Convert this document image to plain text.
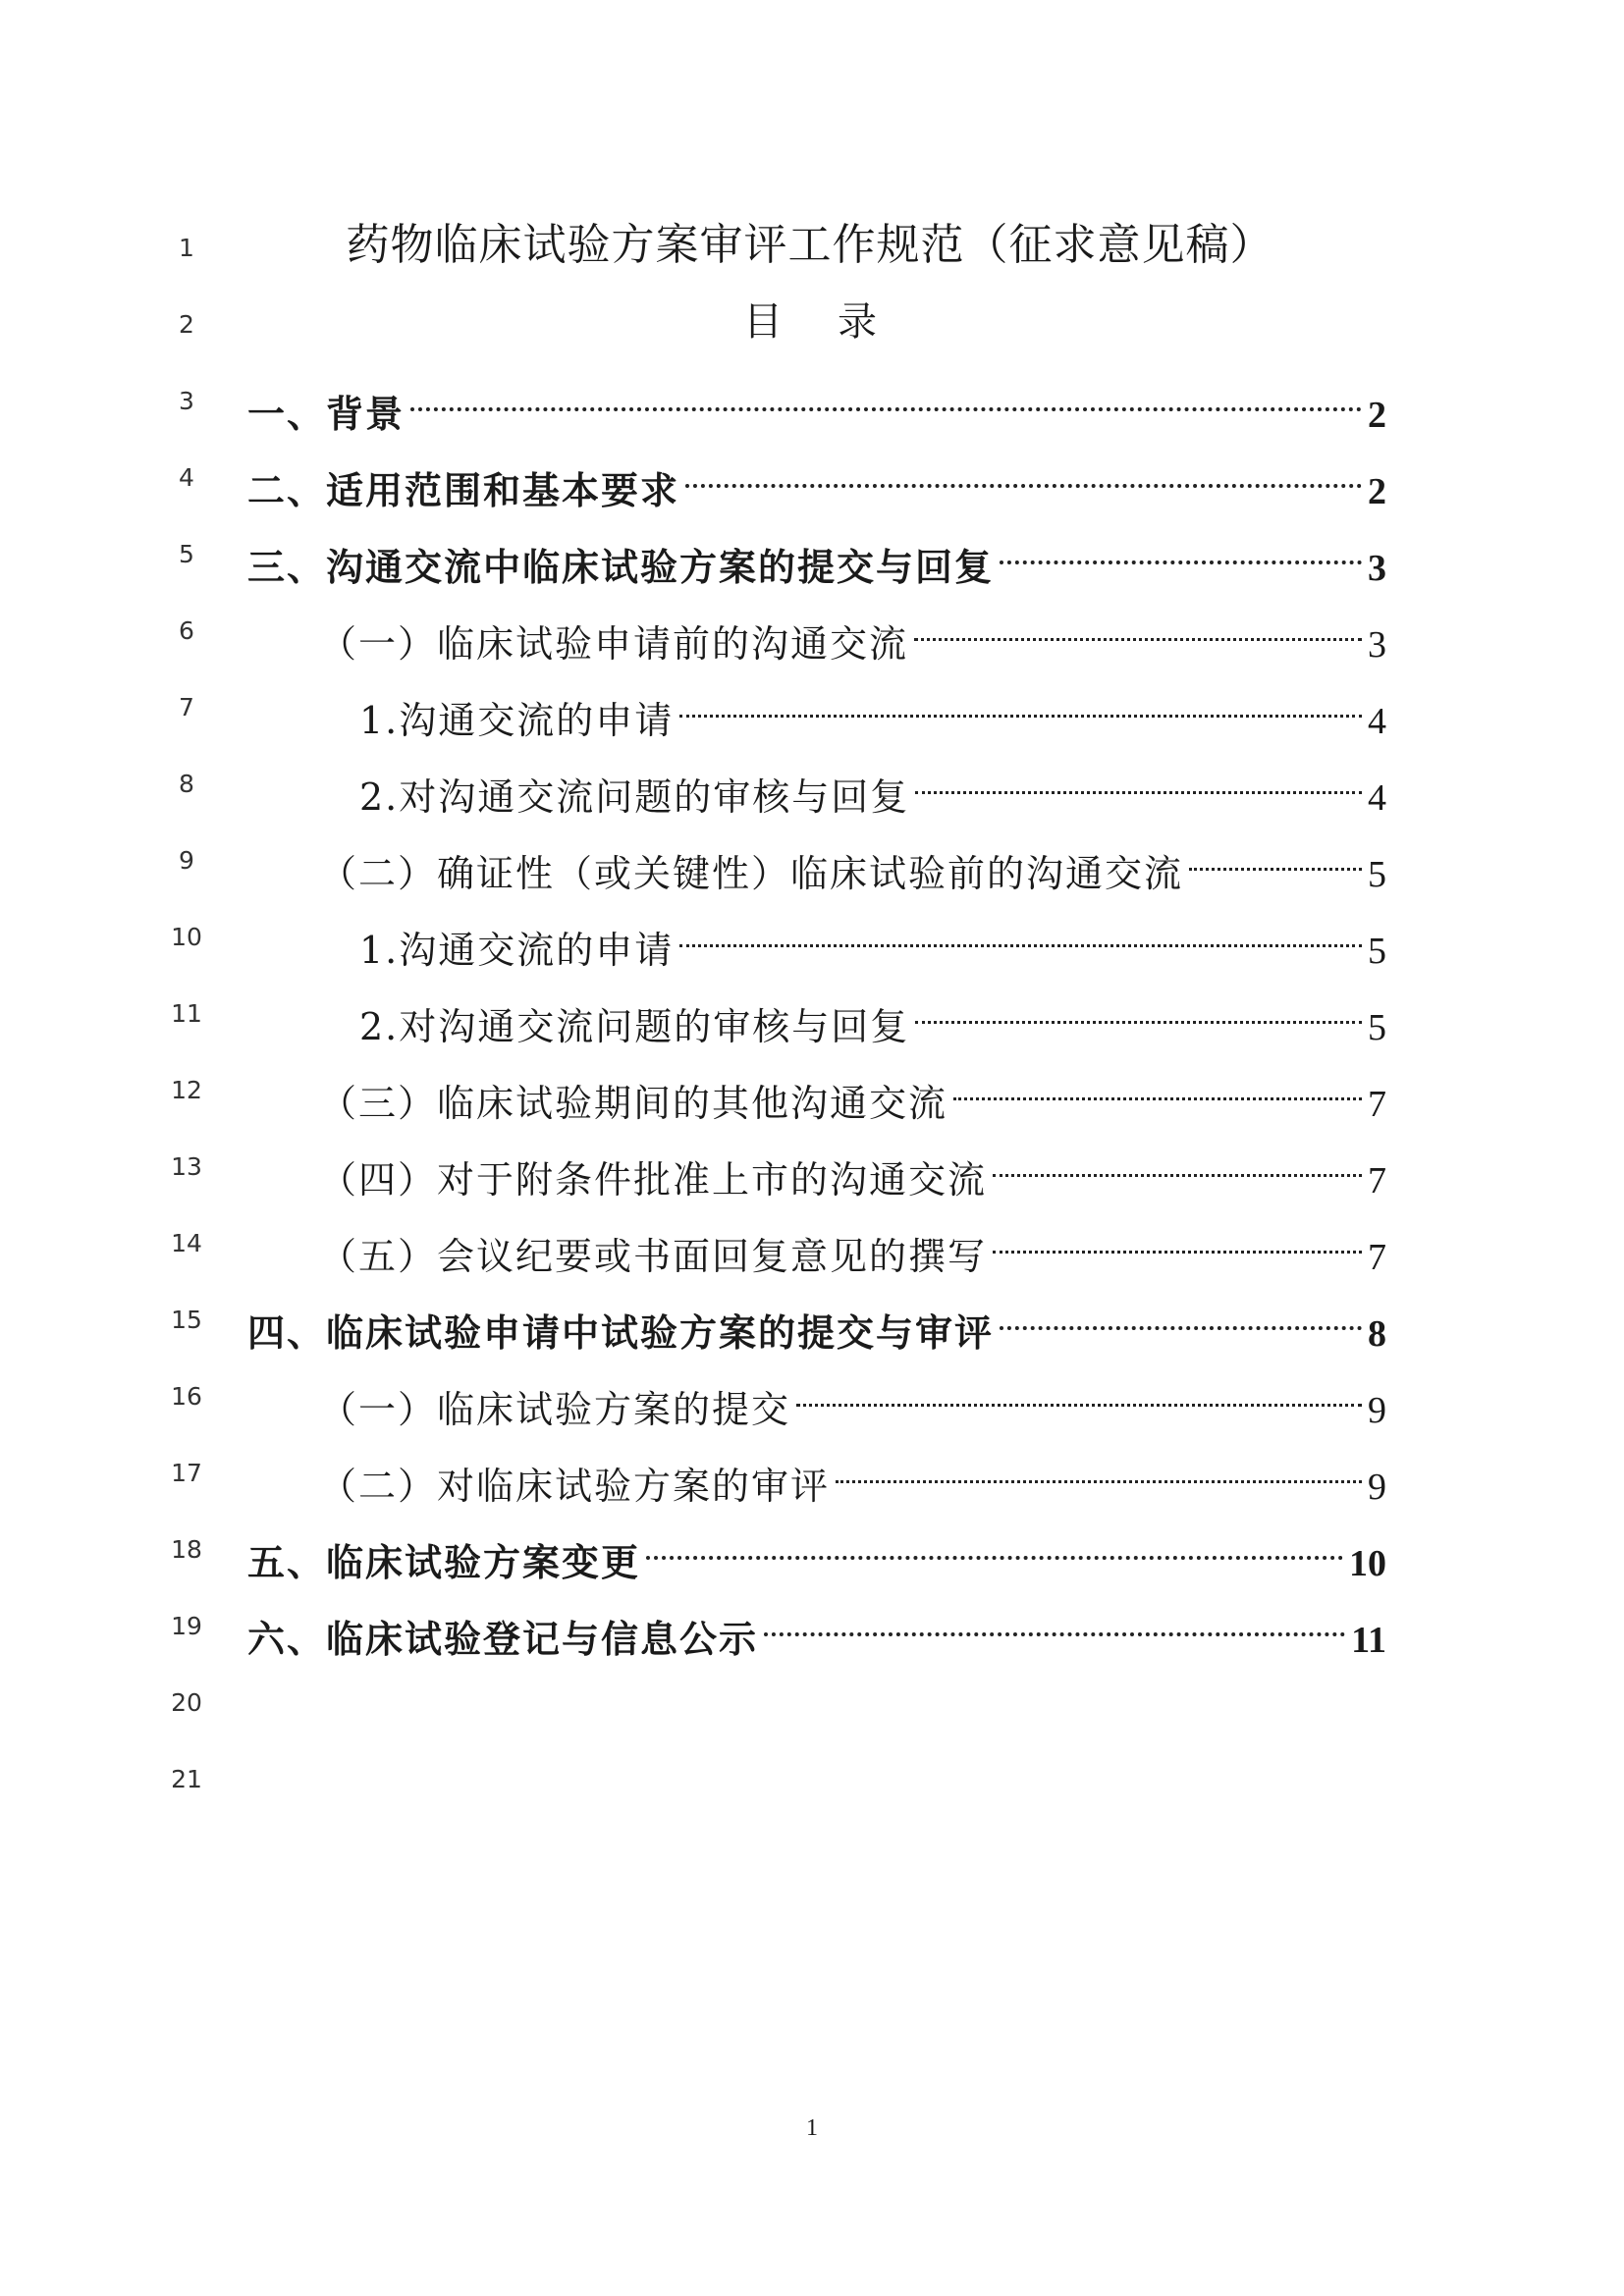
1
2
3
4
5
6
7
8
9
10
11
12
13
14
15
16
17
18
19
20
21
药物临床试验方案审评工作规范（征求意见稿）
目 录
一、背景	2
二、适用范围和基本要求	2
三、沟通交流中临床试验方案的提交与回复	3
（一）临床试验申请前的沟通交流	3
1.沟通交流的申请	4
2.对沟通交流问题的审核与回复	4
（二）确证性（或关键性）临床试验前的沟通交流	5
1.沟通交流的申请	5
2.对沟通交流问题的审核与回复	5
（三）临床试验期间的其他沟通交流	7
（四）对于附条件批准上市的沟通交流	7
（五）会议纪要或书面回复意见的撰写	7
四、临床试验申请中试验方案的提交与审评	8
（一）临床试验方案的提交	9
（二）对临床试验方案的审评	9
五、临床试验方案变更	10
六、临床试验登记与信息公示	11
1
